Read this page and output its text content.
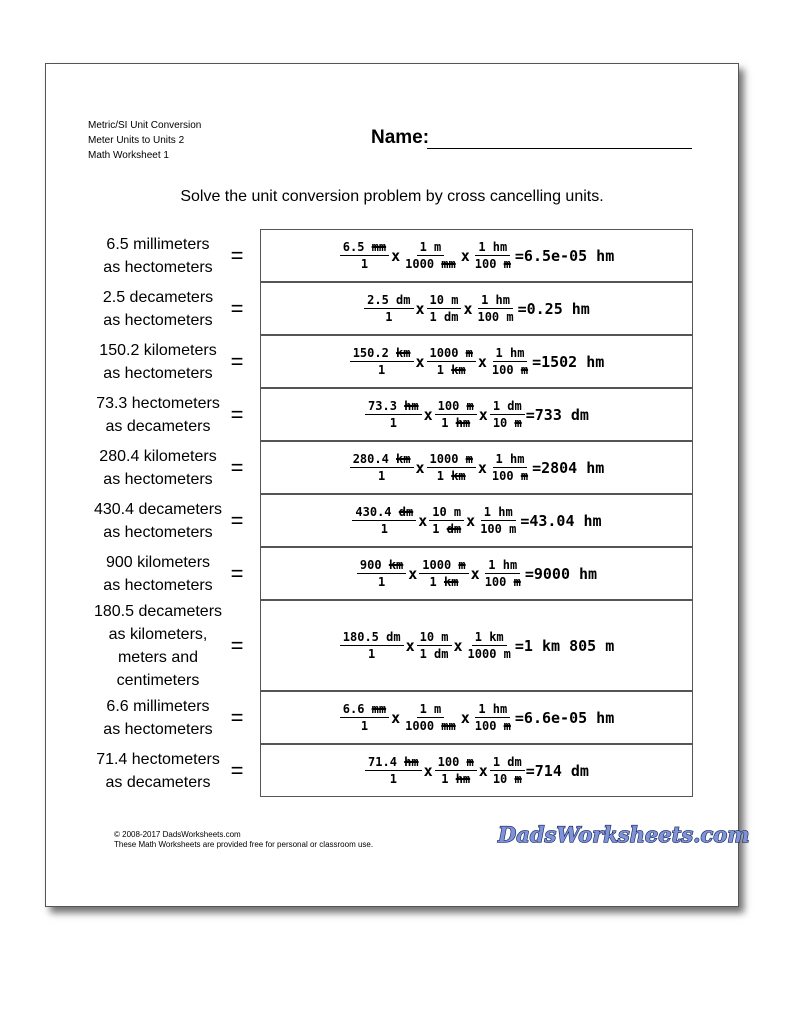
Metric/SI Unit Conversion
Meter Units to Units 2
Math Worksheet 1
Name:
Solve the unit conversion problem by cross cancelling units.
6.5 millimeters
as hectometers =	$\frac{6.5 mm}{1}$ x $\frac{1 m}{1000 mm}$ x $\frac{1 hm}{100 m} =6.5e-05$ hm
2.5 decameters
as hectometers =	$\frac{2.5 dm}{1}$ x $\frac{10 m}{1 dm}$ x $\frac{1 hm}{100 m} =0.25$ hm
150.2 kilometers
as hectometers =	$\frac{150.2 km}{1}$ x $\frac{1000 m}{1 km}$ x $\frac{1 hm}{100 m} =1502$ hm
73.3 hectometers
as decameters =	$\frac{73.3 hm}{1}$ x $\frac{100 m}{1 hm}$ x $\frac{1 dm}{10 m} =733$ dm
280.4 kilometers
as hectometers =	$\frac{280.4 km}{1}$ x $\frac{1000 m}{1 km}$ x $\frac{1 hm}{100 m} =2804$ hm
430.4 decameters
as hectometers =	$\frac{430.4 dm}{1}$ x $\frac{10 m}{1 dm}$ x $\frac{1 hm}{100 m} =43.04$ hm
900 kilometers
as hectometers =	$\frac{900 km}{1}$ x $\frac{1000 m}{1 km}$ x $\frac{1 hm}{100 m} =9000$ hm
180.5 decameters
as kilometers,
meters and
centimeters
=	$\frac{180.5 dm}{1}$ x $\frac{10 m}{1 dm}$ x $\frac{1 km}{1000 m} =1$ km 805 m
6.6 millimeters
as hectometers =	$\frac{6.6 mm}{1}$ x $\frac{1 m}{1000 mm}$ x $\frac{1 hm}{100 m} =6.6e-05$ hm
71.4 hectometers
as decameters =	$\frac{71.4 hm}{1}$ x $\frac{100 m}{1 hm}$ x $\frac{1 dm}{10 m} =714$ dm
© 2008-2017 DadsWorksheets.com
These Math Worksheets are provided free for personal or classroom use.	DadsWorksheets.com
